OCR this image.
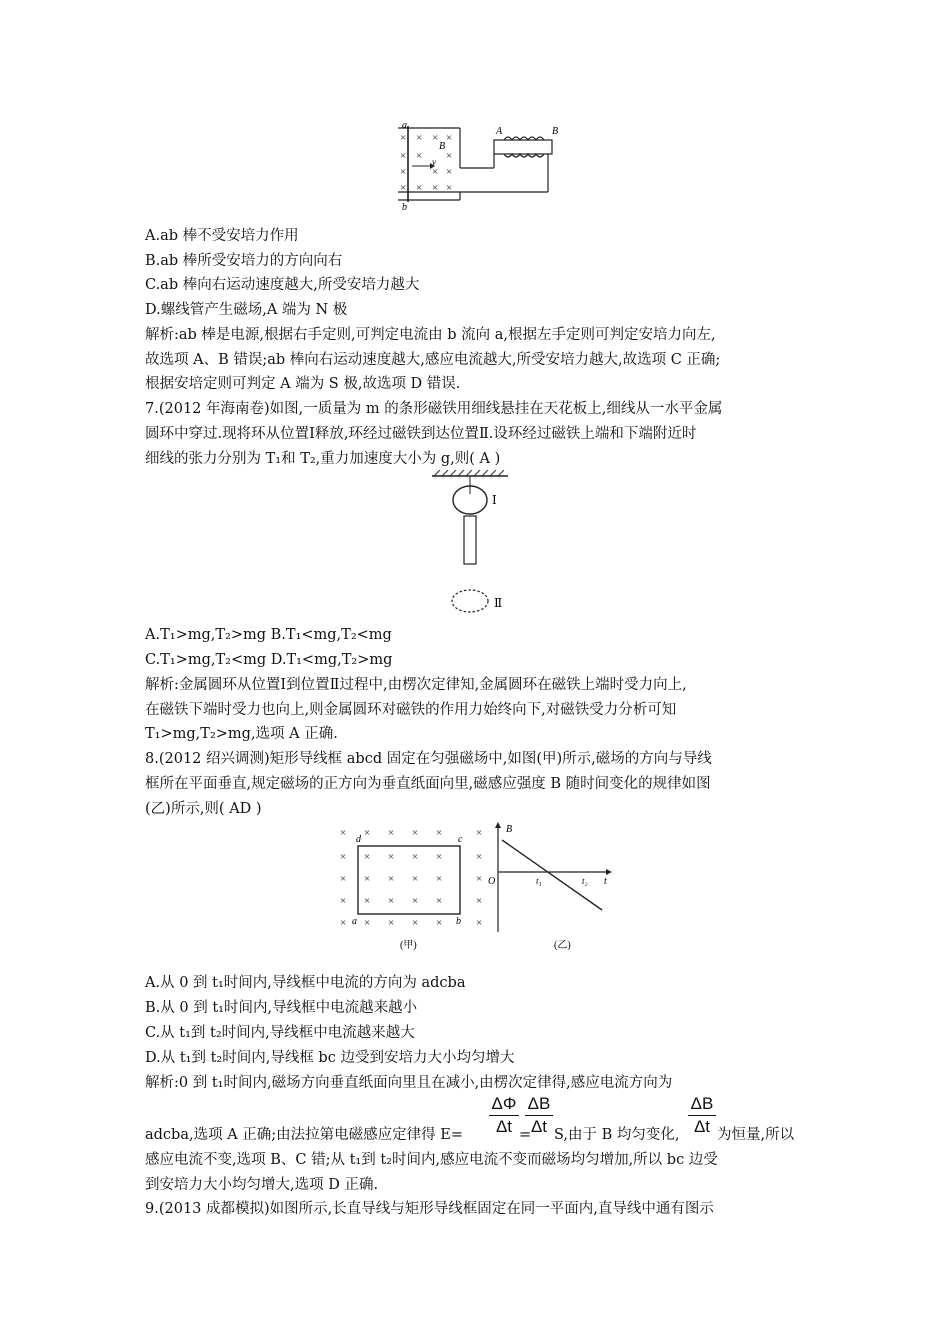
× × × ×
× × ×
× × ×
× × × ×
a
b
B
v
A	B
A.ab 棒不受安培力作用
B.ab 棒所受安培力的方向向右
C.ab 棒向右运动速度越大,所受安培力越大
D.螺线管产生磁场,A 端为 N 极
解析:ab 棒是电源,根据右手定则,可判定电流由 b 流向 a,根据左手定则可判定安培力向左,
故选项 A、B 错误;ab 棒向右运动速度越大,感应电流越大,所受安培力越大,故选项 C 正确;
根据安培定则可判定 A 端为 S 极,故选项 D 错误.
7.(2012 年海南卷)如图,一质量为 m 的条形磁铁用细线悬挂在天花板上,细线从一水平金属
圆环中穿过.现将环从位置Ⅰ释放,环经过磁铁到达位置Ⅱ.设环经过磁铁上端和下端附近时
细线的张力分别为 T₁和 T₂,重力加速度大小为 g,则( A )
Ⅰ
Ⅱ
A.T₁>mg,T₂>mg B.T₁<mg,T₂<mg
C.T₁>mg,T₂<mg D.T₁<mg,T₂>mg
解析:金属圆环从位置Ⅰ到位置Ⅱ过程中,由楞次定律知,金属圆环在磁铁上端时受力向上,
在磁铁下端时受力也向上,则金属圆环对磁铁的作用力始终向下,对磁铁受力分析可知
T₁>mg,T₂>mg,选项 A 正确.
8.(2012 绍兴调测)矩形导线框 abcd 固定在匀强磁场中,如图(甲)所示,磁场的方向与导线
框所在平面垂直,规定磁场的正方向为垂直纸面向里,磁感应强度 B 随时间变化的规律如图
(乙)所示,则( AD )
× × × × ×	×
× × × × ×	×
× × × × ×	×
× × × × ×	×
× × × × ×	×
d	c
a	b
(甲)
B
O	t₁	t₂ t
(乙)
A.从 0 到 t₁时间内,导线框中电流的方向为 adcba
B.从 0 到 t₁时间内,导线框中电流越来越小
C.从 t₁到 t₂时间内,导线框中电流越来越大
D.从 t₁到 t₂时间内,导线框 bc 边受到安培力大小均匀增大
解析:0 到 t₁时间内,磁场方向垂直纸面向里且在减小,由楞次定律得,感应电流方向为
ΔΦ
Δt
ΔB
Δt
ΔB
Δt
adcba,选项 A 正确;由法拉第电磁感应定律得 E=	= S,由于 B 均匀变化,	为恒量,所以
感应电流不变,选项 B、C 错;从 t₁到 t₂时间内,感应电流不变而磁场均匀增加,所以 bc 边受
到安培力大小均匀增大,选项 D 正确.
9.(2013 成都模拟)如图所示,长直导线与矩形导线框固定在同一平面内,直导线中通有图示
